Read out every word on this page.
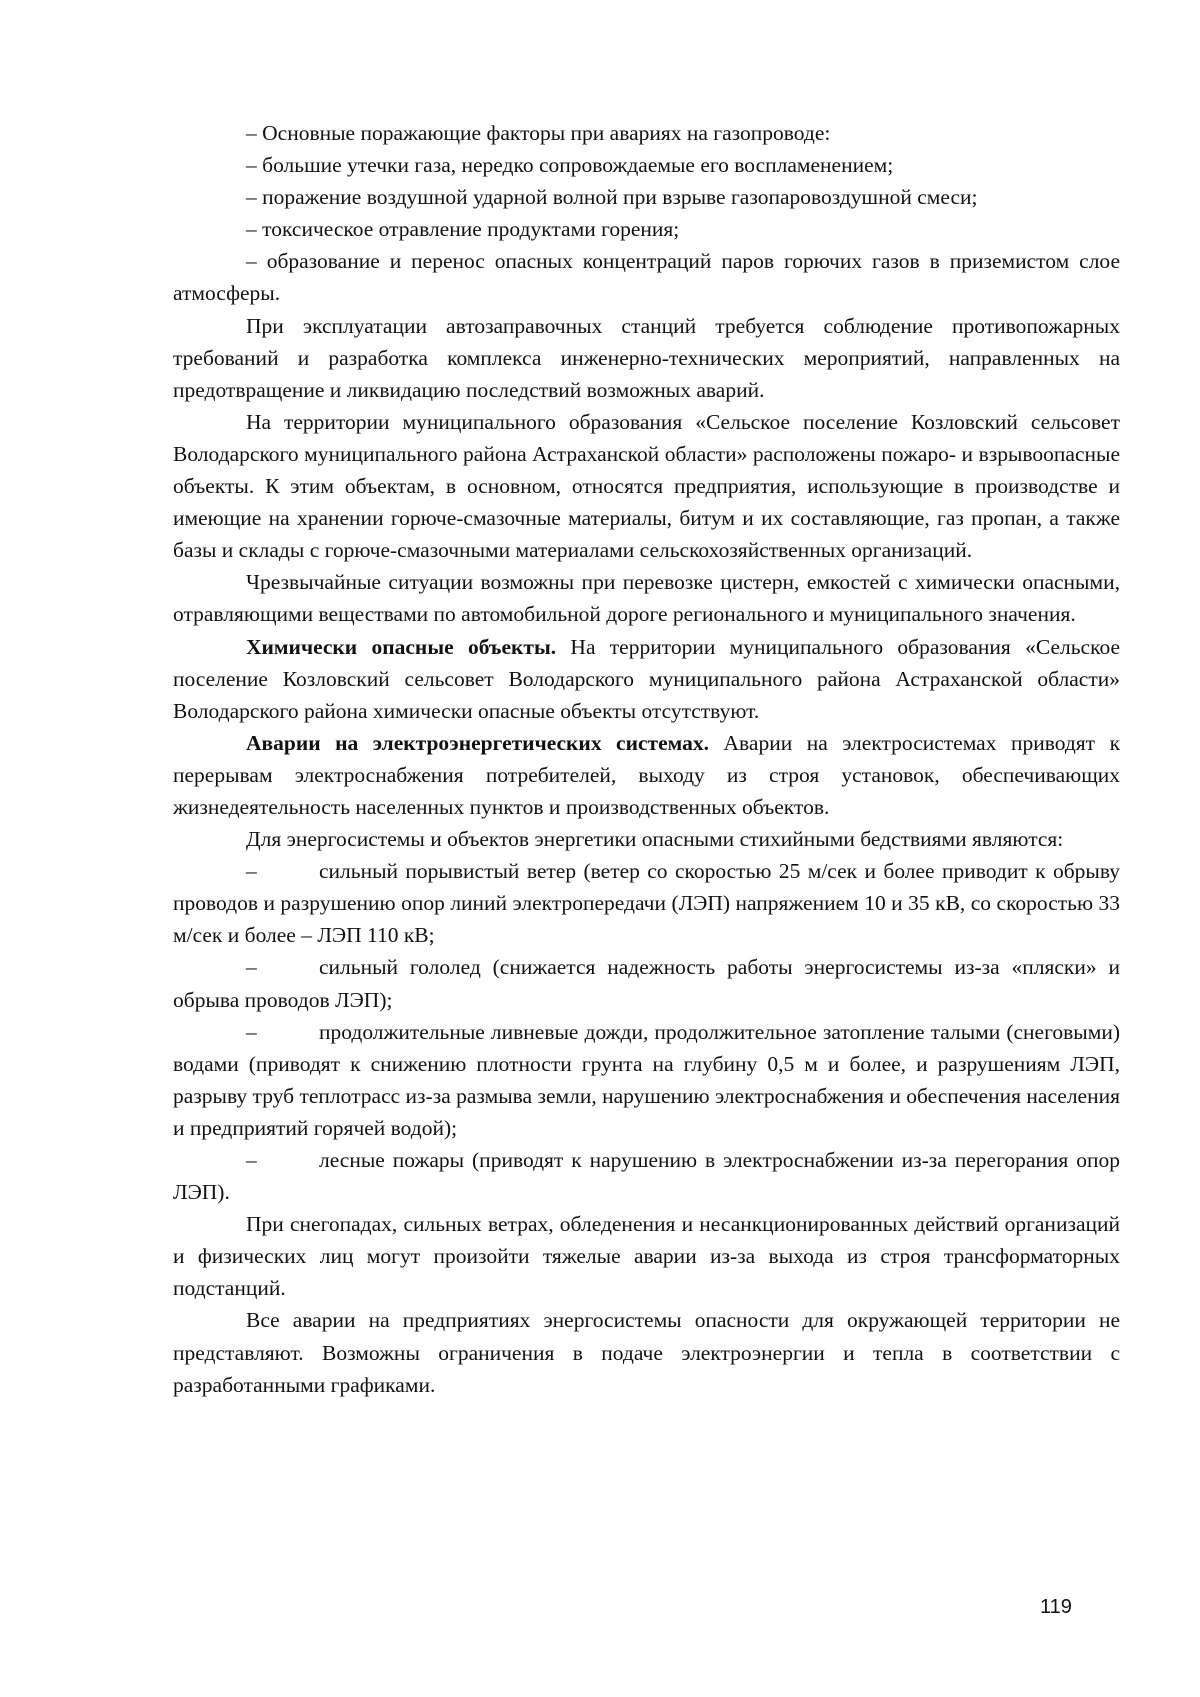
– Основные поражающие факторы при авариях на газопроводе:
– большие утечки газа, нередко сопровождаемые его воспламенением;
– поражение воздушной ударной волной при взрыве газопаровоздушной смеси;
– токсическое отравление продуктами горения;
– образование и перенос опасных концентраций паров горючих газов в приземистом слое атмосферы.
При эксплуатации автозаправочных станций требуется соблюдение противопожарных требований и разработка комплекса инженерно-технических мероприятий, направленных на предотвращение и ликвидацию последствий возможных аварий.
На территории муниципального образования «Сельское поселение Козловский сельсовет Володарского муниципального района Астраханской области» расположены пожаро- и взрывоопасные объекты. К этим объектам, в основном, относятся предприятия, использующие в производстве и имеющие на хранении горюче-смазочные материалы, битум и их составляющие, газ пропан, а также базы и склады с горюче-смазочными материалами сельскохозяйственных организаций.
Чрезвычайные ситуации возможны при перевозке цистерн, емкостей с химически опасными, отравляющими веществами по автомобильной дороге регионального и муниципального значения.
Химически опасные объекты. На территории муниципального образования «Сельское поселение Козловский сельсовет Володарского муниципального района Астраханской области» Володарского района химически опасные объекты отсутствуют.
Аварии на электроэнергетических системах. Аварии на электросистемах приводят к перерывам электроснабжения потребителей, выходу из строя установок, обеспечивающих жизнедеятельность населенных пунктов и производственных объектов.
Для энергосистемы и объектов энергетики опасными стихийными бедствиями являются:
–	сильный порывистый ветер (ветер со скоростью 25 м/сек и более приводит к обрыву проводов и разрушению опор линий электропередачи (ЛЭП) напряжением 10 и 35 кВ, со скоростью 33 м/сек и более – ЛЭП 110 кВ;
–	сильный гололед (снижается надежность работы энергосистемы из-за «пляски» и обрыва проводов ЛЭП);
–	продолжительные ливневые дожди, продолжительное затопление талыми (снеговыми) водами (приводят к снижению плотности грунта на глубину 0,5 м и более, и разрушениям ЛЭП, разрыву труб теплотрасс из-за размыва земли, нарушению электроснабжения и обеспечения населения и предприятий горячей водой);
–	лесные пожары (приводят к нарушению в электроснабжении из-за перегорания опор ЛЭП).
При снегопадах, сильных ветрах, обледенения и несанкционированных действий организаций и физических лиц могут произойти тяжелые аварии из-за выхода из строя трансформаторных подстанций.
Все аварии на предприятиях энергосистемы опасности для окружающей территории не представляют. Возможны ограничения в подаче электроэнергии и тепла в соответствии с разработанными графиками.
119
